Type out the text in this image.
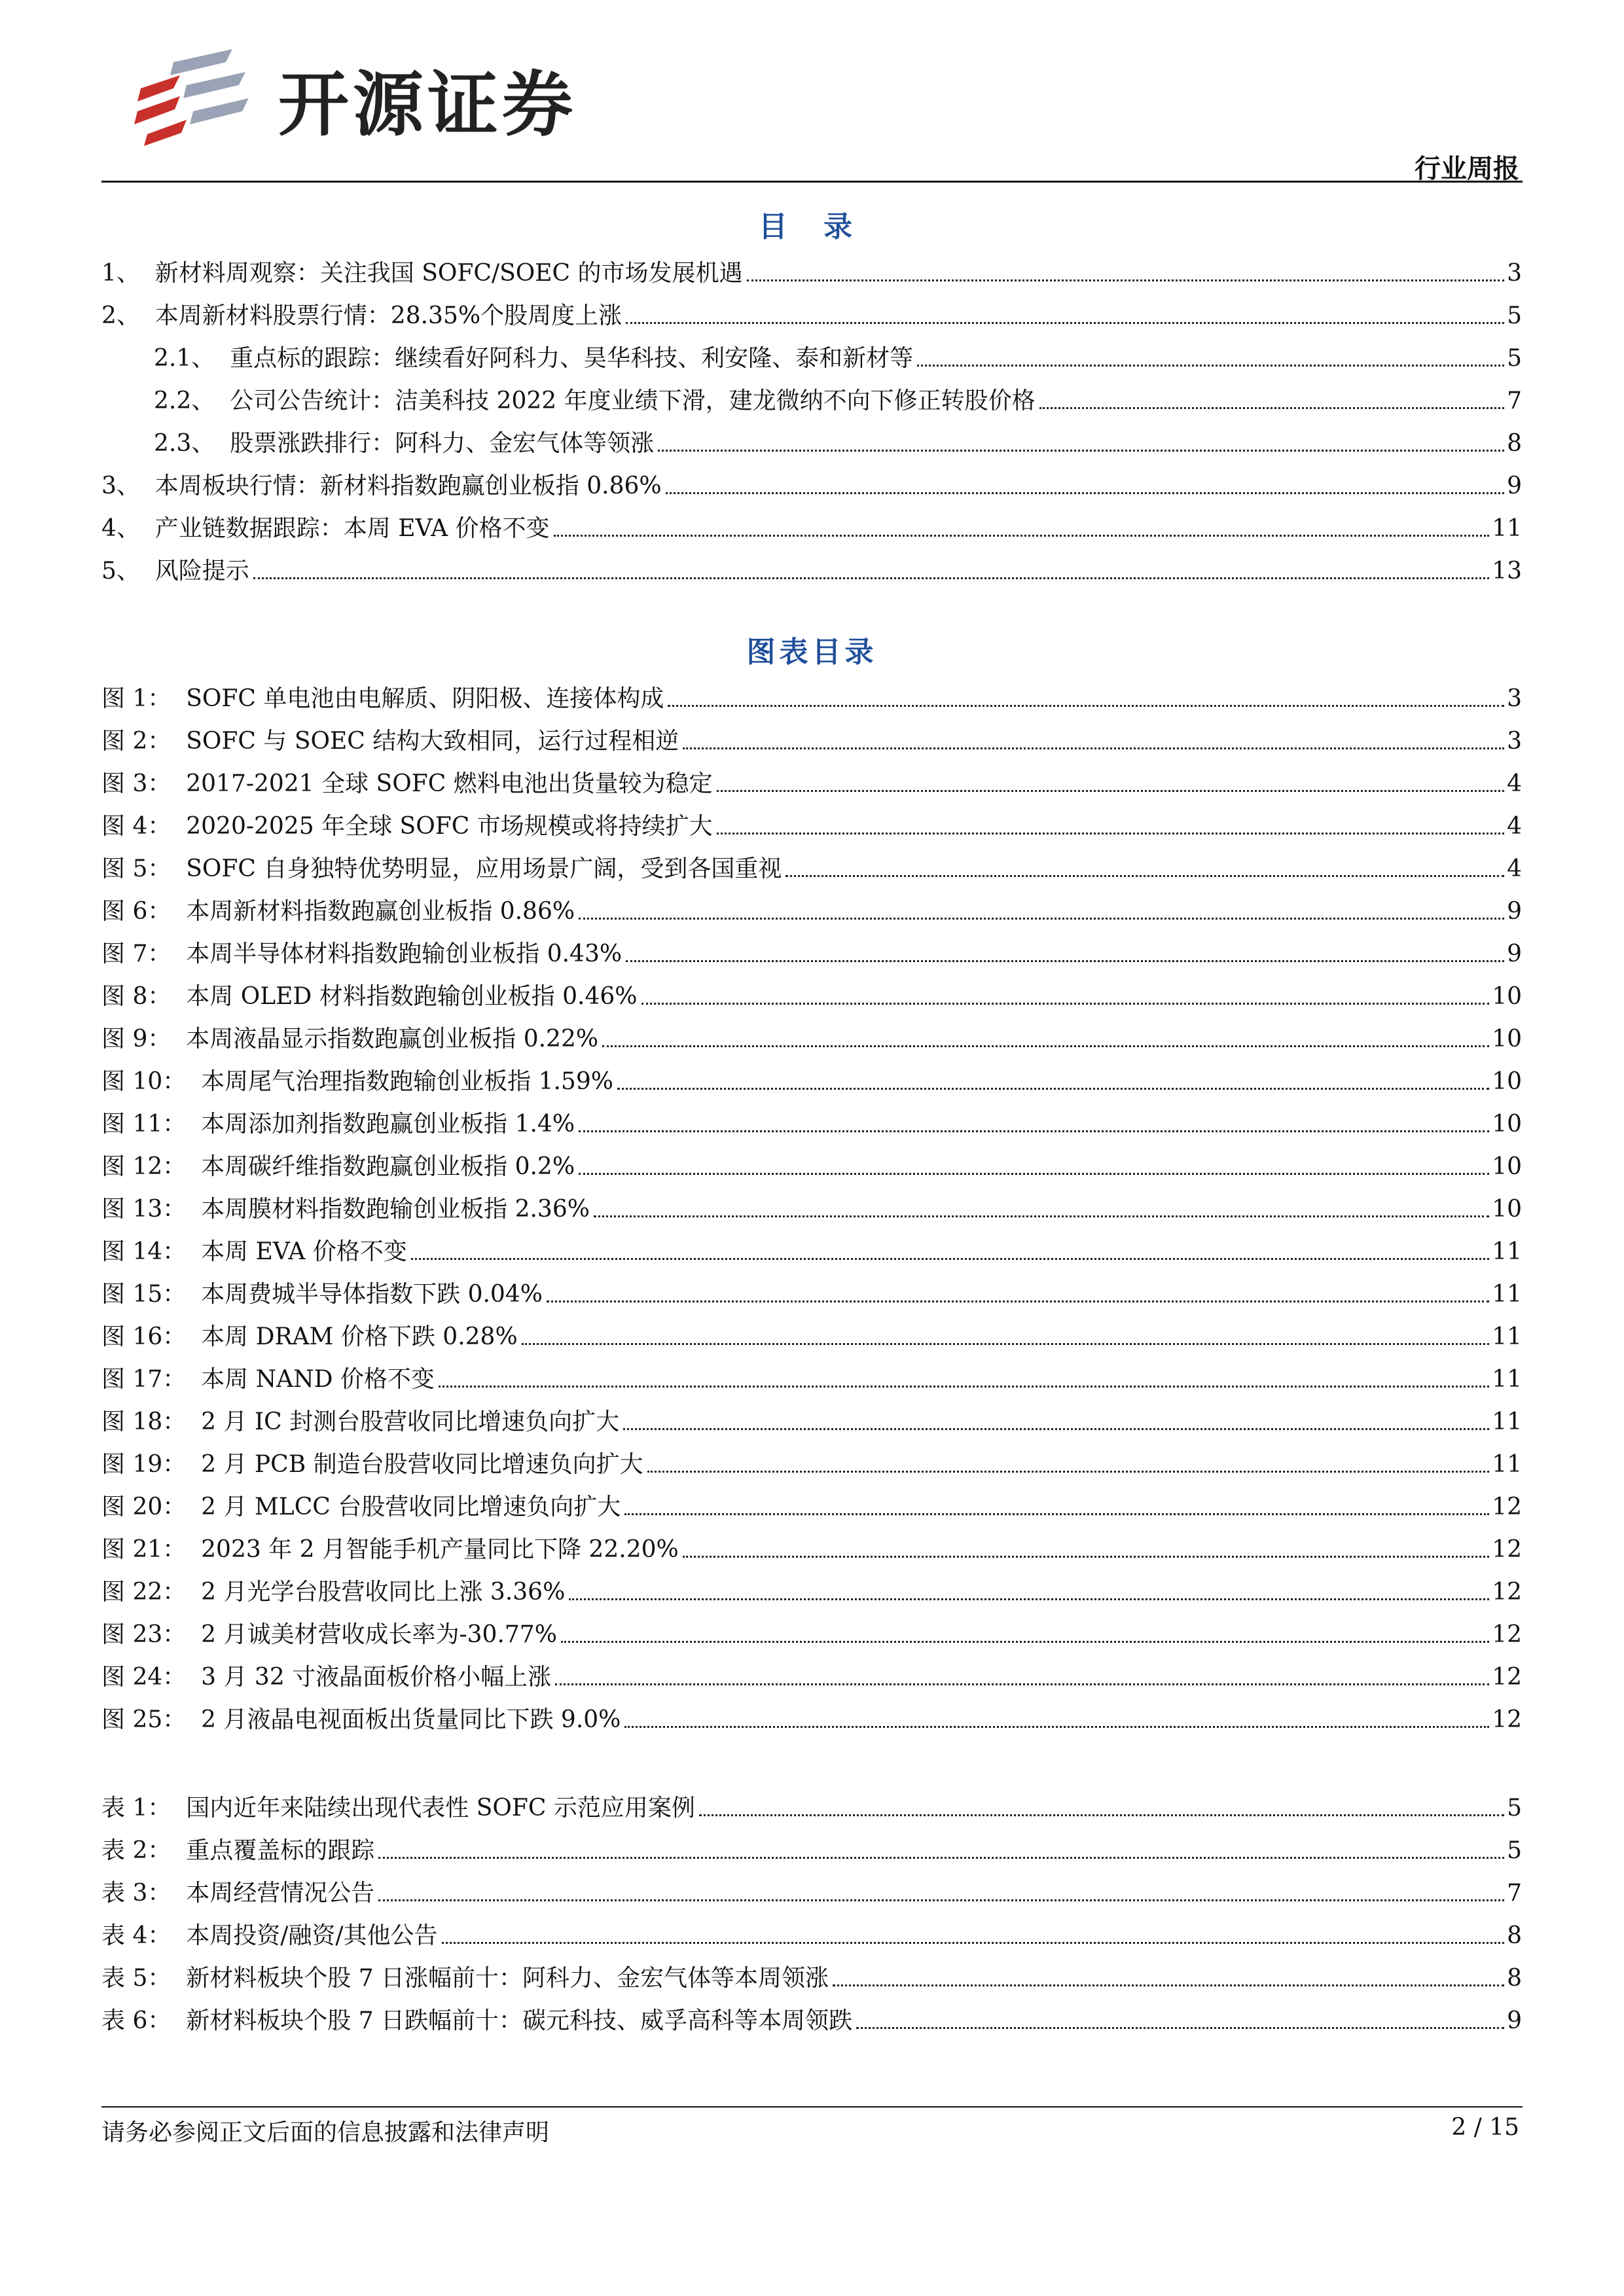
开源证券
行业周报
目 录
1、 新材料周观察：关注我国 SOFC/SOEC 的市场发展机遇	3
2、 本周新材料股票行情：28.35%个股周度上涨	5
2.1、 重点标的跟踪：继续看好阿科力、昊华科技、利安隆、泰和新材等	5
2.2、 公司公告统计：洁美科技 2022 年度业绩下滑，建龙微纳不向下修正转股价格	7
2.3、 股票涨跌排行：阿科力、金宏气体等领涨	8
3、 本周板块行情：新材料指数跑赢创业板指 0.86%	9
4、 产业链数据跟踪：本周 EVA 价格不变	11
5、 风险提示	13
图表目录
图 1： SOFC 单电池由电解质、阴阳极、连接体构成	3
图 2： SOFC 与 SOEC 结构大致相同，运行过程相逆	3
图 3： 2017-2021 全球 SOFC 燃料电池出货量较为稳定	4
图 4： 2020-2025 年全球 SOFC 市场规模或将持续扩大	4
图 5： SOFC 自身独特优势明显，应用场景广阔，受到各国重视	4
图 6： 本周新材料指数跑赢创业板指 0.86%	9
图 7： 本周半导体材料指数跑输创业板指 0.43%	9
图 8： 本周 OLED 材料指数跑输创业板指 0.46%	10
图 9： 本周液晶显示指数跑赢创业板指 0.22%	10
图 10： 本周尾气治理指数跑输创业板指 1.59%	10
图 11： 本周添加剂指数跑赢创业板指 1.4%	10
图 12： 本周碳纤维指数跑赢创业板指 0.2%	10
图 13： 本周膜材料指数跑输创业板指 2.36%	10
图 14： 本周 EVA 价格不变	11
图 15： 本周费城半导体指数下跌 0.04%	11
图 16： 本周 DRAM 价格下跌 0.28%	11
图 17： 本周 NAND 价格不变	11
图 18： 2 月 IC 封测台股营收同比增速负向扩大	11
图 19： 2 月 PCB 制造台股营收同比增速负向扩大	11
图 20： 2 月 MLCC 台股营收同比增速负向扩大	12
图 21： 2023 年 2 月智能手机产量同比下降 22.20%	12
图 22： 2 月光学台股营收同比上涨 3.36%	12
图 23： 2 月诚美材营收成长率为-30.77%	12
图 24： 3 月 32 寸液晶面板价格小幅上涨	12
图 25： 2 月液晶电视面板出货量同比下跌 9.0%	12
表 1： 国内近年来陆续出现代表性 SOFC 示范应用案例	5
表 2： 重点覆盖标的跟踪	5
表 3： 本周经营情况公告	7
表 4： 本周投资/融资/其他公告	8
表 5： 新材料板块个股 7 日涨幅前十：阿科力、金宏气体等本周领涨	8
表 6： 新材料板块个股 7 日跌幅前十：碳元科技、威孚高科等本周领跌	9
请务必参阅正文后面的信息披露和法律声明	2 / 15
